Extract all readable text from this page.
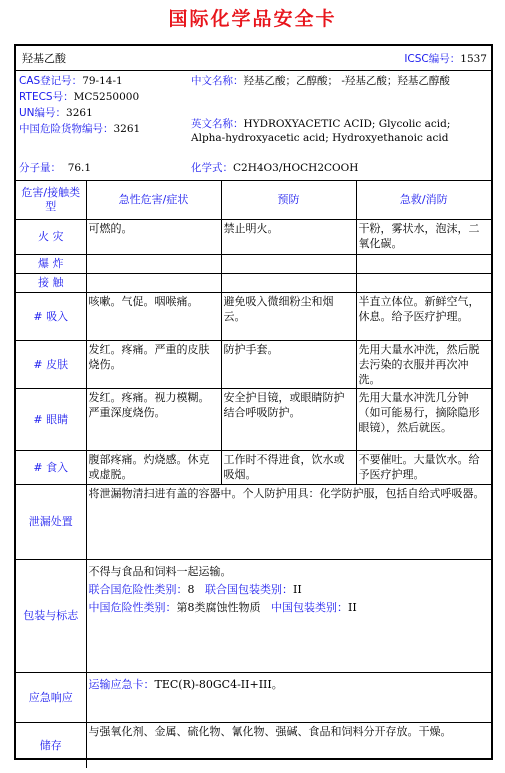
国际化学品安全卡
羟基乙酸	ICSC编号：1537
CAS登记号：79-14-1
RTECS号：MC5250000
UN编号：3261
中国危险货物编号：3261
分子量： 76.1
中文名称：羟基乙酸；乙醇酸； -羟基乙酸；羟基乙醇酸
英文名称：HYDROXYACETIC ACID; Glycolic acid; Alpha-hydroxyacetic acid; Hydroxyethanoic acid
化学式：C2H4O3/HOCH2COOH
危害/接触类型	急性危害/症状	预防	急救/消防
火 灾	可燃的。	禁止明火。	干粉，雾状水，泡沫，二氧化碳。

爆 炸	

接 触	

# 吸入	咳嗽。气促。咽喉痛。	避免吸入微细粉尘和烟云。	半直立体位。新鲜空气，休息。给予医疗护理。

# 皮肤	发红。疼痛。严重的皮肤烧伤。	防护手套。	先用大量水冲洗，然后脱去污染的衣服并再次冲洗。

# 眼睛	发红。疼痛。视力模糊。严重深度烧伤。	安全护目镜，或眼睛防护结合呼吸防护。	先用大量水冲洗几分钟（如可能易行，摘除隐形眼镜），然后就医。

# 食入	腹部疼痛。灼烧感。休克或虚脱。	工作时不得进食，饮水或吸烟。	不要催吐。大量饮水。给予医疗护理。

泄漏处置	将泄漏物清扫进有盖的容器中。个人防护用具：化学防护服，包括自给式呼吸器。		

包装与标志	不得与食品和饲料一起运输。
联合国危险性类别：8 联合国包装类别：II
中国危险性类别：第8类腐蚀性物质 中国包装类别：II		

应急响应	运输应急卡：TEC(R)-80GC4-II+III。		

储存	与强氧化剂、金属、硫化物、氰化物、强碱、食品和饲料分开存放。干燥。		
